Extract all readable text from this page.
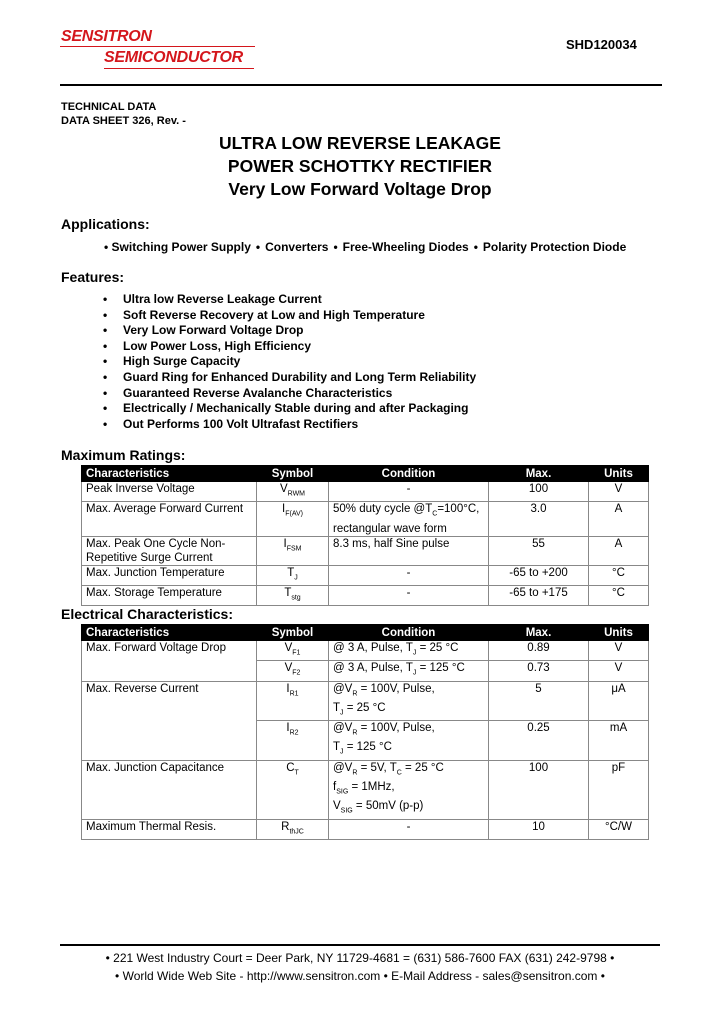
SENSITRON
SEMICONDUCTOR
SHD120034
TECHNICAL DATA
DATA SHEET 326, Rev. -
ULTRA LOW REVERSE LEAKAGE
POWER SCHOTTKY RECTIFIER
Very Low Forward Voltage Drop
Applications:
• Switching Power Supply • Converters • Free-Wheeling Diodes • Polarity Protection Diode
Features:
• Ultra low Reverse Leakage Current
• Soft Reverse Recovery at Low and High Temperature
• Very Low Forward Voltage Drop
• Low Power Loss, High Efficiency
• High Surge Capacity
• Guard Ring for Enhanced Durability and Long Term Reliability
• Guaranteed Reverse Avalanche Characteristics
• Electrically / Mechanically Stable during and after Packaging
• Out Performs 100 Volt Ultrafast Rectifiers
Maximum Ratings:
Characteristics	Symbol	Condition	Max.	Units
Peak Inverse Voltage	$V_{RWM}$	-	100	V
Max. Average Forward Current	$I_{F(AV)}$	50% duty cycle $@T_C=100^\circ C$,
rectangular wave form	3.0	A
Max. Peak One Cycle Non-
Repetitive Surge Current	$I_{FSM}$	8.3 ms, half Sine pulse	55	A
Max. Junction Temperature	$T_J$	-	-65 to +200	°C
Max. Storage Temperature	$T_{stg}$	-	-65 to +175	°C
Electrical Characteristics:
Characteristics	Symbol	Condition	Max.	Units
Max. Forward Voltage Drop	$V_{F1}$	@ 3 A, Pulse, $T_J = 25$ °C	0.89	V
	$V_{F2}$	@ 3 A, Pulse, $T_J = 125$ °C	0.73	V
Max. Reverse Current	$I_{R1}$	$@V_R = 100V$, Pulse,
$T_J = 25$ °C	5	μA
	$I_{R2}$	$@V_R = 100V$, Pulse,
$T_J = 125$ °C	0.25	mA
Max. Junction Capacitance	$C_T$	$@V_R = 5V$, $T_C = 25$ °C
$f_{SIG} = 1MHz$,
$V_{SIG} = 50mV$ (p-p)	100	pF
Maximum Thermal Resis.	$R_{thJC}$	-	10	°C/W
• 221 West Industry Court = Deer Park, NY 11729-4681 = (631) 586-7600 FAX (631) 242-9798 •
• World Wide Web Site - http://www.sensitron.com • E-Mail Address - sales@sensitron.com •
